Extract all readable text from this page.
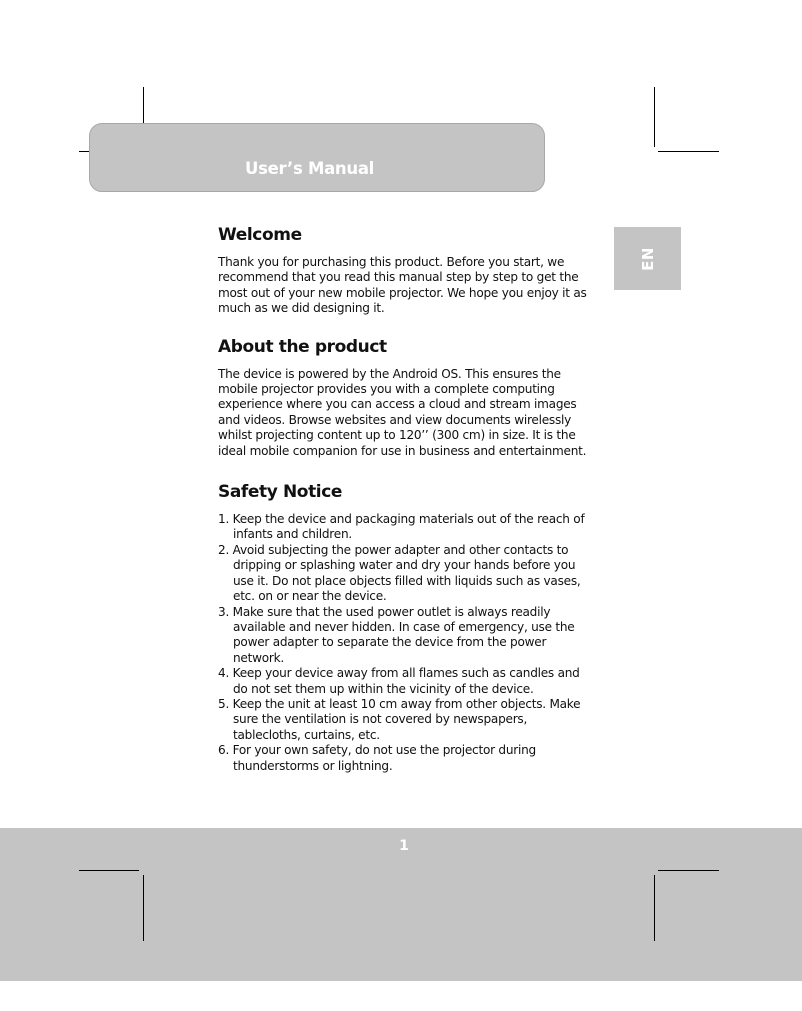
User’s Manual
EN
Welcome

Thank you for purchasing this product. Before you start, we recommend that you read this manual step by step to get the most out of your new mobile projector. We hope you enjoy it as much as we did designing it.

About the product

The device is powered by the Android OS. This ensures the mobile projector provides you with a complete computing experience where you can access a cloud and stream images and videos. Browse websites and view documents wirelessly whilst projecting content up to 120’’ (300 cm) in size. It is the ideal mobile companion for use in business and entertainment.

Safety Notice
1. Keep the device and packaging materials out of the reach of infants and children.
2. Avoid subjecting the power adapter and other contacts to dripping or splashing water and dry your hands before you use it. Do not place objects filled with liquids such as vases, etc. on or near the device.
3. Make sure that the used power outlet is always readily available and never hidden. In case of emergency, use the power adapter to separate the device from the power network.
4. Keep your device away from all flames such as candles and do not set them up within the vicinity of the device.
5. Keep the unit at least 10 cm away from other objects. Make sure the ventilation is not covered by newspapers, tablecloths, curtains, etc.
6. For your own safety, do not use the projector during thunderstorms or lightning.
1
